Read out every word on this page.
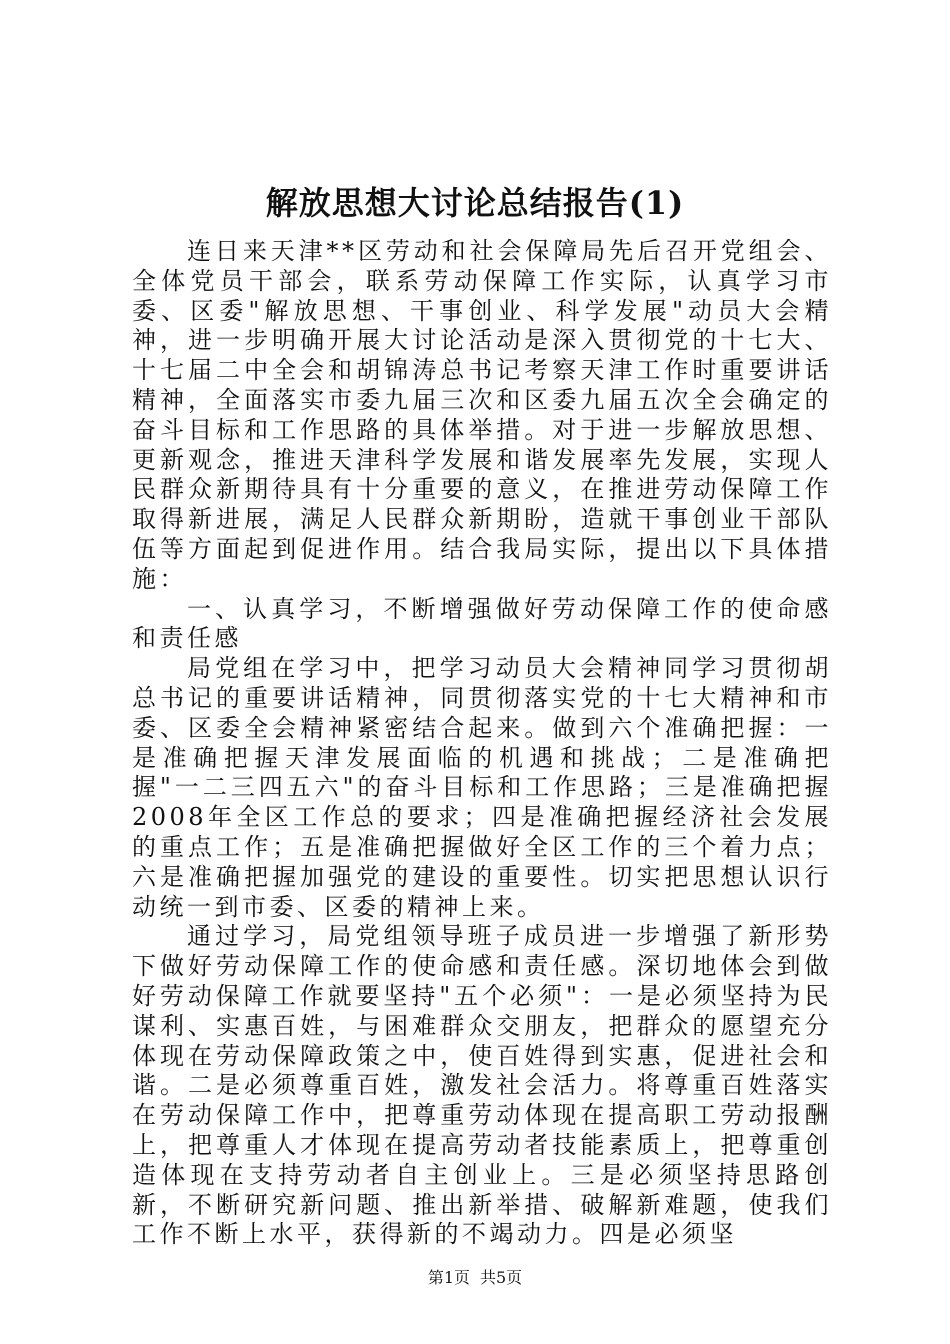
解放思想大讨论总结报告(1)

连日来天津**区劳动和社会保障局先后召开党组会、全体党员干部会，联系劳动保障工作实际，认真学习市委、区委"解放思想、干事创业、科学发展"动员大会精神，进一步明确开展大讨论活动是深入贯彻党的十七大、十七届二中全会和胡锦涛总书记考察天津工作时重要讲话精神，全面落实市委九届三次和区委九届五次全会确定的奋斗目标和工作思路的具体举措。对于进一步解放思想、更新观念，推进天津科学发展和谐发展率先发展，实现人民群众新期待具有十分重要的意义，在推进劳动保障工作取得新进展，满足人民群众新期盼，造就干事创业干部队伍等方面起到促进作用。结合我局实际，提出以下具体措施：

一、认真学习，不断增强做好劳动保障工作的使命感和责任感

局党组在学习中，把学习动员大会精神同学习贯彻胡总书记的重要讲话精神，同贯彻落实党的十七大精神和市委、区委全会精神紧密结合起来。做到六个准确把握：一是准确把握天津发展面临的机遇和挑战；二是准确把握"一二三四五六"的奋斗目标和工作思路；三是准确把握2008年全区工作总的要求；四是准确把握经济社会发展的重点工作；五是准确把握做好全区工作的三个着力点；六是准确把握加强党的建设的重要性。切实把思想认识行动统一到市委、区委的精神上来。

通过学习，局党组领导班子成员进一步增强了新形势下做好劳动保障工作的使命感和责任感。深切地体会到做好劳动保障工作就要坚持"五个必须"：一是必须坚持为民谋利、实惠百姓，与困难群众交朋友，把群众的愿望充分体现在劳动保障政策之中，使百姓得到实惠，促进社会和谐。二是必须尊重百姓，激发社会活力。将尊重百姓落实在劳动保障工作中，把尊重劳动体现在提高职工劳动报酬上，把尊重人才体现在提高劳动者技能素质上，把尊重创造体现在支持劳动者自主创业上。三是必须坚持思路创新，不断研究新问题、推出新举措、破解新难题，使我们工作不断上水平，获得新的不竭动力。四是必须坚

第1页 共5页
